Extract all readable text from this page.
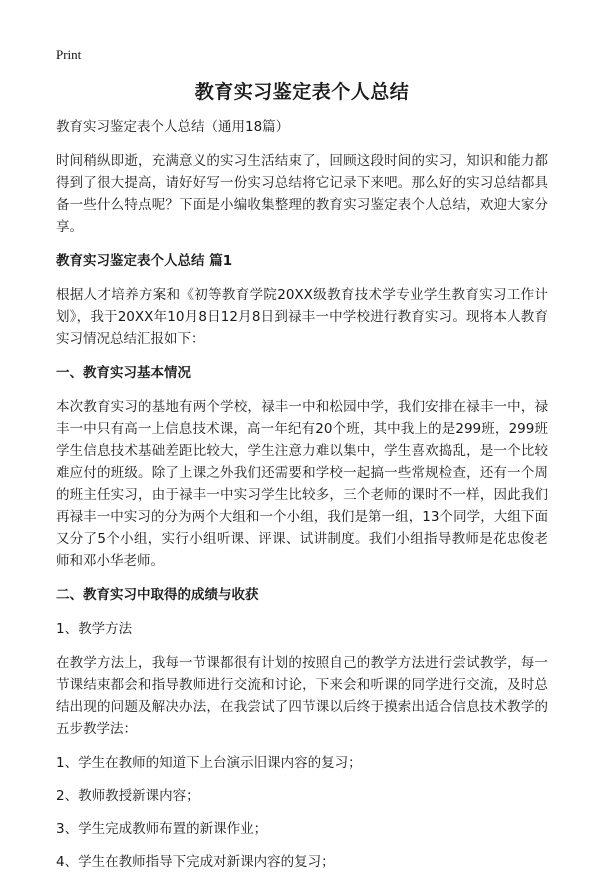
Print
教育实习鉴定表个人总结

教育实习鉴定表个人总结（通用18篇）

时间稍纵即逝，充满意义的实习生活结束了，回顾这段时间的实习，知识和能力都得到了很大提高，请好好写一份实习总结将它记录下来吧。那么好的实习总结都具备一些什么特点呢？下面是小编收集整理的教育实习鉴定表个人总结，欢迎大家分享。

教育实习鉴定表个人总结 篇1

根据人才培养方案和《初等教育学院20XX级教育技术学专业学生教育实习工作计划》，我于20XX年10月8日12月8日到禄丰一中学校进行教育实习。现将本人教育实习情况总结汇报如下：

一、教育实习基本情况

本次教育实习的基地有两个学校，禄丰一中和松园中学，我们安排在禄丰一中，禄丰一中只有高一上信息技术课，高一年纪有20个班，其中我上的是299班，299班学生信息技术基础差距比较大，学生注意力难以集中，学生喜欢捣乱，是一个比较难应付的班级。除了上课之外我们还需要和学校一起搞一些常规检查，还有一个周的班主任实习，由于禄丰一中实习学生比较多，三个老师的课时不一样，因此我们再禄丰一中实习的分为两个大组和一个小组，我们是第一组，13个同学，大组下面又分了5个小组，实行小组听课、评课、试讲制度。我们小组指导教师是花忠俊老师和邓小华老师。

二、教育实习中取得的成绩与收获

1、教学方法

在教学方法上，我每一节课都很有计划的按照自己的教学方法进行尝试教学，每一节课结束都会和指导教师进行交流和讨论，下来会和听课的同学进行交流，及时总结出现的问题及解决办法，在我尝试了四节课以后终于摸索出适合信息技术教学的五步教学法：

1、学生在教师的知道下上台演示旧课内容的复习；

2、教师教授新课内容；

3、学生完成教师布置的新课作业；

4、学生在教师指导下完成对新课内容的复习；
